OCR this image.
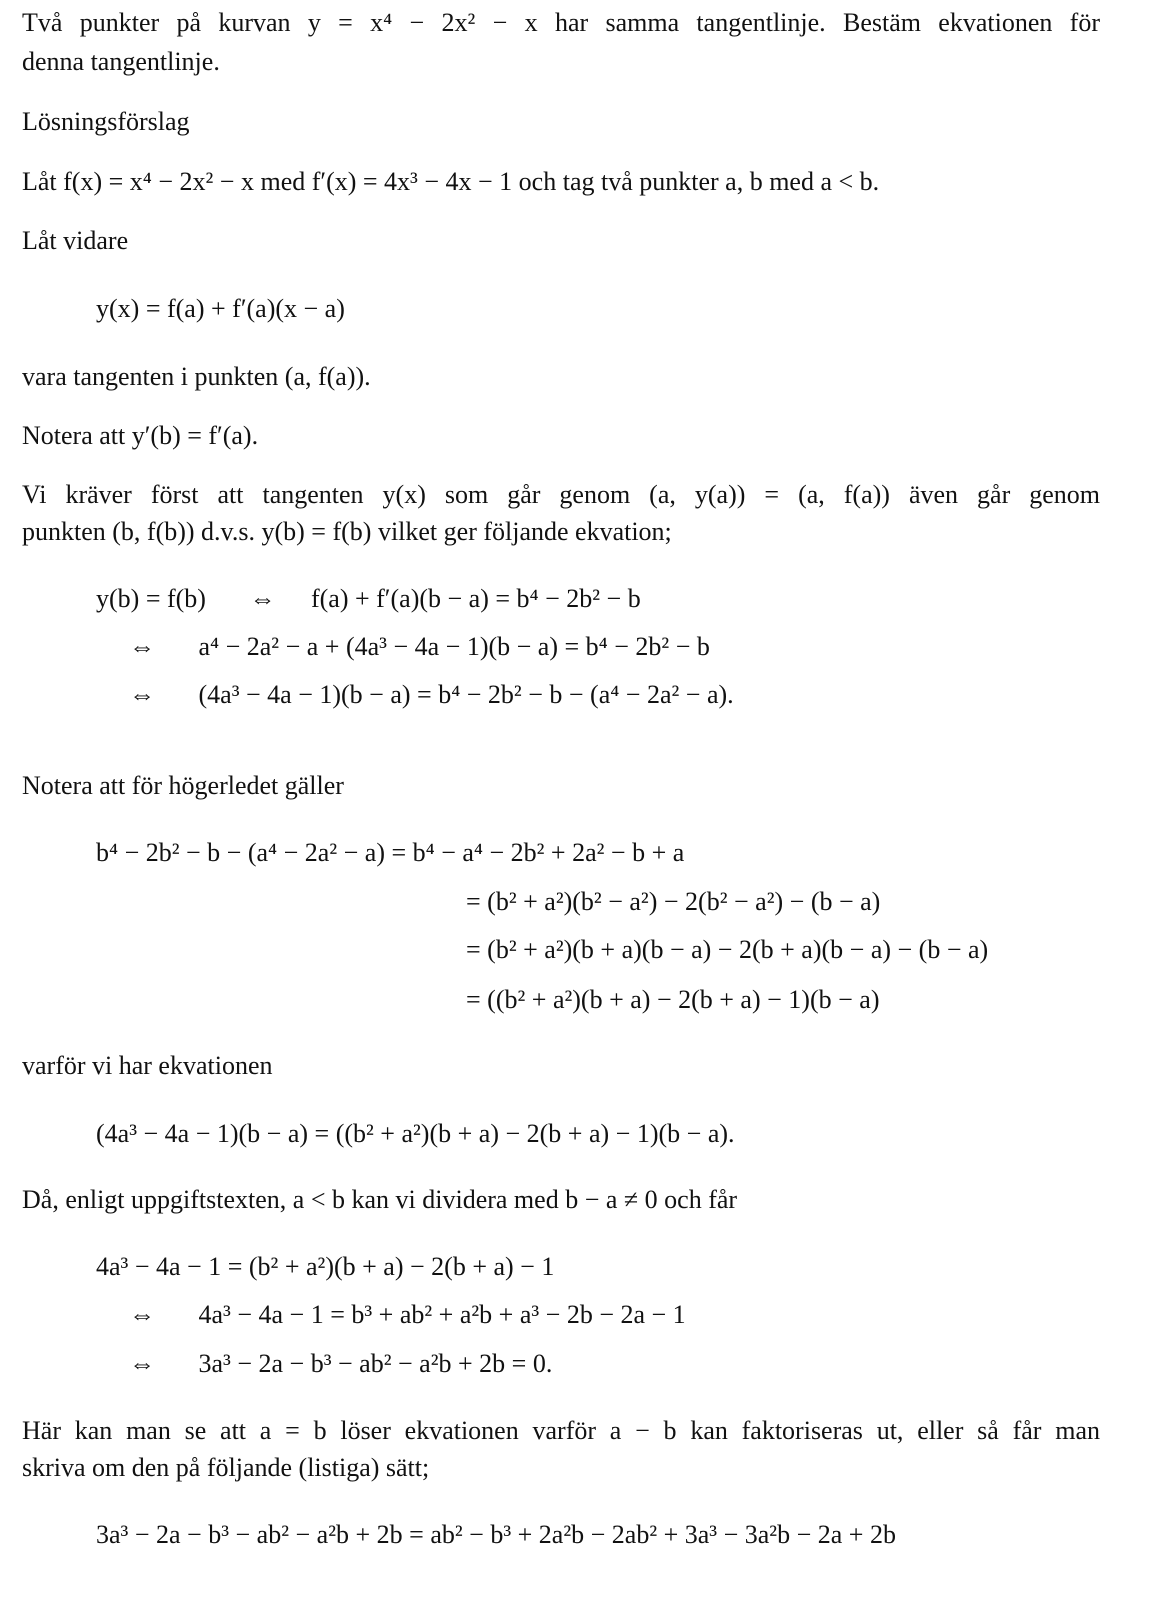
Två punkter på kurvan y = x⁴ − 2x² − x har samma tangentlinje. Bestäm ekvationen för
denna tangentlinje.
Lösningsförslag
Låt f(x) = x⁴ − 2x² − x med f′(x) = 4x³ − 4x − 1 och tag två punkter a, b med a < b.
Låt vidare
y(x) = f(a) + f′(a)(x − a)
vara tangenten i punkten (a, f(a)).
Notera att y′(b) = f′(a).
Vi kräver först att tangenten y(x) som går genom (a, y(a)) = (a, f(a)) även går genom
punkten (b, f(b)) d.v.s. y(b) = f(b) vilket ger följande ekvation;
y(b) = f(b) ⇔ f(a) + f′(a)(b − a) = b⁴ − 2b² − b
⇔ a⁴ − 2a² − a + (4a³ − 4a − 1)(b − a) = b⁴ − 2b² − b
⇔ (4a³ − 4a − 1)(b − a) = b⁴ − 2b² − b − (a⁴ − 2a² − a).
Notera att för högerledet gäller
b⁴ − 2b² − b − (a⁴ − 2a² − a) = b⁴ − a⁴ − 2b² + 2a² − b + a
= (b² + a²)(b² − a²) − 2(b² − a²) − (b − a)
= (b² + a²)(b + a)(b − a) − 2(b + a)(b − a) − (b − a)
= ((b² + a²)(b + a) − 2(b + a) − 1)(b − a)
varför vi har ekvationen
(4a³ − 4a − 1)(b − a) = ((b² + a²)(b + a) − 2(b + a) − 1)(b − a).
Då, enligt uppgiftstexten, a < b kan vi dividera med b − a ≠ 0 och får
4a³ − 4a − 1 = (b² + a²)(b + a) − 2(b + a) − 1
⇔ 4a³ − 4a − 1 = b³ + ab² + a²b + a³ − 2b − 2a − 1
⇔ 3a³ − 2a − b³ − ab² − a²b + 2b = 0.
Här kan man se att a = b löser ekvationen varför a − b kan faktoriseras ut, eller så får man
skriva om den på följande (listiga) sätt;
3a³ − 2a − b³ − ab² − a²b + 2b = ab² − b³ + 2a²b − 2ab² + 3a³ − 3a²b − 2a + 2b
